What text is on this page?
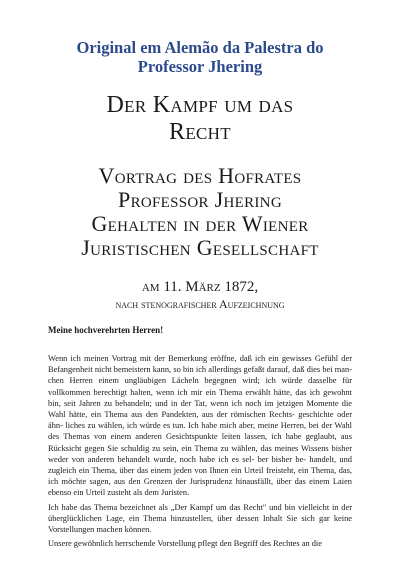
Original em Alemão da Palestra do
Professor Jhering
Der Kampf um das
Recht
Vortrag des Hofrates
Professor Jhering
Gehalten in der Wiener
Juristischen Gesellschaft
am 11. März 1872,
nach stenografischer Aufzeichnung
Meine hochverehrten Herren!

Wenn ich meinen Vortrag mit der Bemerkung eröffne, daß ich ein gewisses Gefühl der Befangenheit nicht bemeistern kann, so bin ich allerdings gefaßt darauf, daß dies bei man- chen Herren einem ungläubigen Lächeln begegnen wird; ich würde dasselbe für vollkommen berechtigt halten, wenn ich mir ein Thema erwählt hätte, das ich gewohnt bin, seit Jahren zu behandeln; und in der Tat, wenn ich noch im jetzigen Momente die Wahl hätte, ein Thema aus den Pandekten, aus der römischen Rechts- geschichte oder ähn- liches zu wählen, ich würde es tun. Ich habe mich aber, meine Herren, bei der Wahl des Themas von einem anderen Gesichtspunkte leiten lassen, ich habe geglaubt, aus Rücksicht gegen Sie schuldig zu sein, ein Thema zu wählen, das meines Wissens bisher weder von anderen behandelt wurde, noch habe ich es sel- ber bisher be- handelt, und zugleich ein Thema, über das einem jeden von Ihnen ein Urteil freisteht, ein Thema, das, ich möchte sagen, aus den Grenzen der Jurisprudenz hinausfällt, über das einem Laien ebenso ein Urteil zusteht als dem Juristen.

Ich habe das Thema bezeichnet als „Der Kampf um das Recht" und bin vielleicht in der überglücklichen Lage, ein Thema hinzustellen, über dessen Inhalt Sie sich gar keine Vorstellungen machen können.

Unsere gewöhnlich herrschende Vorstellung pflegt den Begriff des Rechtes an die
